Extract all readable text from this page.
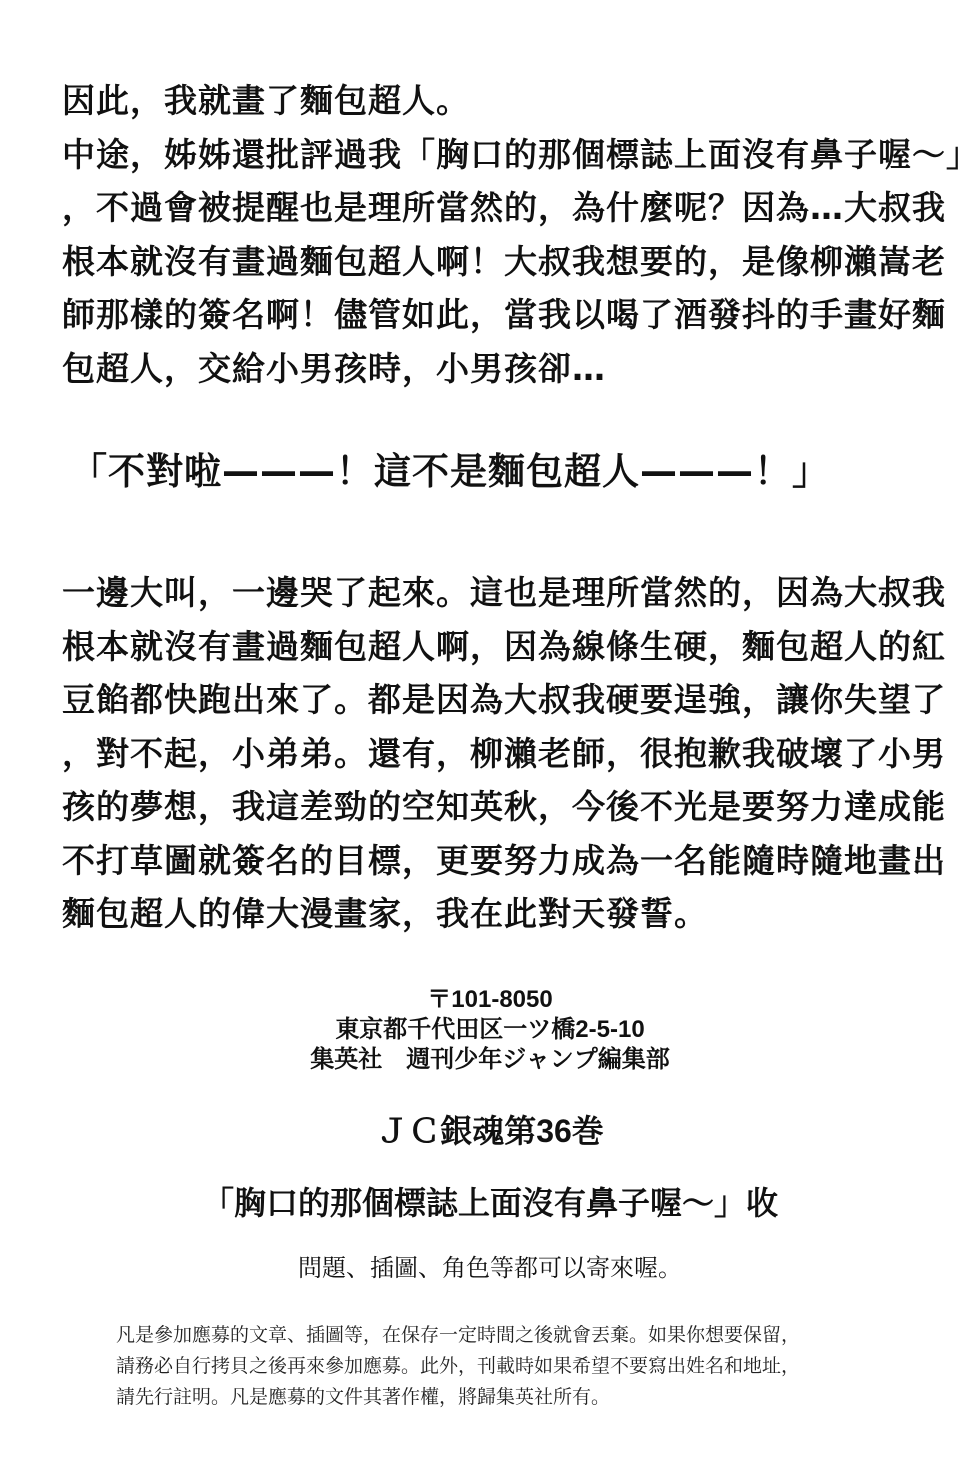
因此，我就畫了麵包超人。
中途，姊姊還批評過我「胸口的那個標誌上面沒有鼻子喔～」
，不過會被提醒也是理所當然的，為什麼呢？因為…大叔我
根本就沒有畫過麵包超人啊！大叔我想要的，是像柳瀨嵩老
師那樣的簽名啊！儘管如此，當我以喝了酒發抖的手畫好麵
包超人，交給小男孩時，小男孩卻…
「不對啦———！這不是麵包超人———！」
一邊大叫，一邊哭了起來。這也是理所當然的，因為大叔我
根本就沒有畫過麵包超人啊，因為線條生硬，麵包超人的紅
豆餡都快跑出來了。都是因為大叔我硬要逞強，讓你失望了
，對不起，小弟弟。還有，柳瀨老師，很抱歉我破壞了小男
孩的夢想，我這差勁的空知英秋，今後不光是要努力達成能
不打草圖就簽名的目標，更要努力成為一名能隨時隨地畫出
麵包超人的偉大漫畫家，我在此對天發誓。
〒101-8050
東京都千代田区一ツ橋2-5-10
集英社　週刊少年ジャンプ編集部
ＪＣ銀魂第36巻
「胸口的那個標誌上面沒有鼻子喔～」收
問題、插圖、角色等都可以寄來喔。
凡是參加應募的文章、插圖等，在保存一定時間之後就會丟棄。如果你想要保留，
請務必自行拷貝之後再來參加應募。此外，刊載時如果希望不要寫出姓名和地址，
請先行註明。凡是應募的文件其著作權，將歸集英社所有。
